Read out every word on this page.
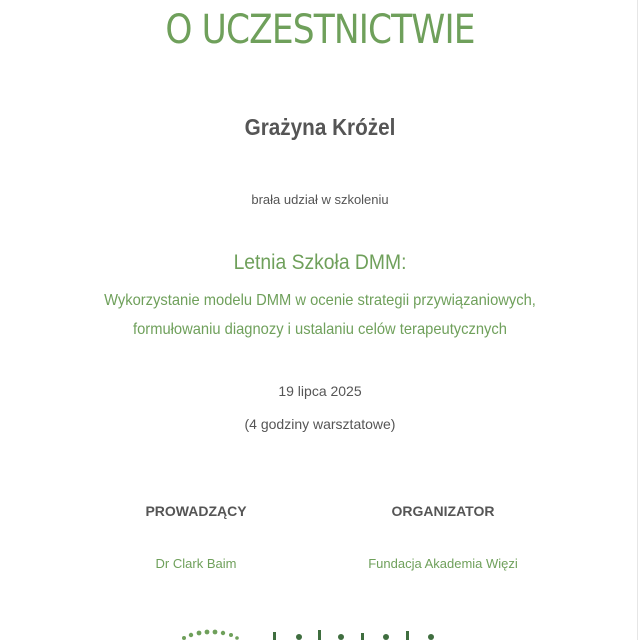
O UCZESTNICTWIE
Grażyna Króżel
brała udział w szkoleniu
Letnia Szkoła DMM:
Wykorzystanie modelu DMM w ocenie strategii przywiązaniowych,
formułowaniu diagnozy i ustalaniu celów terapeutycznych
19 lipca 2025
(4 godziny warsztatowe)
PROWADZĄCY
Dr Clark Baim
ORGANIZATOR
Fundacja Akademia Więzi
